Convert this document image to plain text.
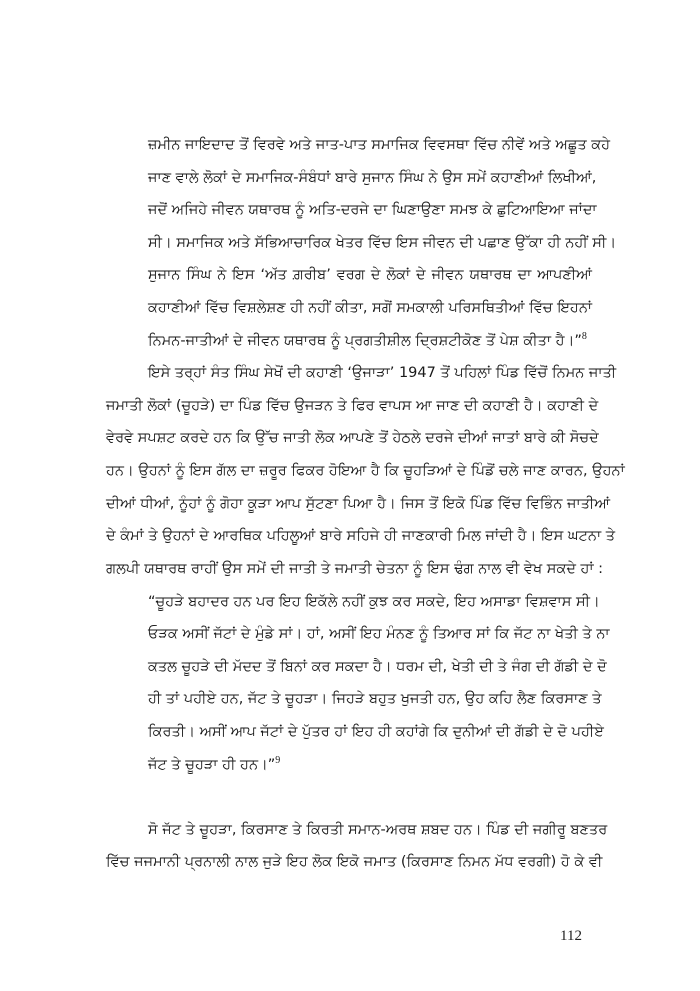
ਜ਼ਮੀਨ ਜਾਇਦਾਦ ਤੋਂ ਵਿਰਵੇ ਅਤੇ ਜਾਤ-ਪਾਤ ਸਮਾਜਿਕ ਵਿਵਸਥਾ ਵਿੱਚ ਨੀਵੇਂ ਅਤੇ ਅਛੂਤ ਕਹੇ
ਜਾਣ ਵਾਲੇ ਲੋਕਾਂ ਦੇ ਸਮਾਜਿਕ-ਸੰਬੰਧਾਂ ਬਾਰੇ ਸੁਜਾਨ ਸਿੰਘ ਨੇ ਉਸ ਸਮੇਂ ਕਹਾਣੀਆਂ ਲਿਖੀਆਂ,
ਜਦੋਂ ਅਜਿਹੇ ਜੀਵਨ ਯਥਾਰਥ ਨੂੰ ਅਤਿ-ਦਰਜੇ ਦਾ ਘਿਣਾਉਣਾ ਸਮਝ ਕੇ ਛੁਟਿਆਇਆ ਜਾਂਦਾ
ਸੀ। ਸਮਾਜਿਕ ਅਤੇ ਸੱਭਿਆਚਾਰਿਕ ਖੇਤਰ ਵਿੱਚ ਇਸ ਜੀਵਨ ਦੀ ਪਛਾਣ ਉੱਕਾ ਹੀ ਨਹੀਂ ਸੀ।
ਸੁਜਾਨ ਸਿੰਘ ਨੇ ਇਸ ‘ਅੱਤ ਗ਼ਰੀਬ’ ਵਰਗ ਦੇ ਲੋਕਾਂ ਦੇ ਜੀਵਨ ਯਥਾਰਥ ਦਾ ਆਪਣੀਆਂ
ਕਹਾਣੀਆਂ ਵਿੱਚ ਵਿਸ਼ਲੇਸ਼ਣ ਹੀ ਨਹੀਂ ਕੀਤਾ, ਸਗੋਂ ਸਮਕਾਲੀ ਪਰਿਸਥਿਤੀਆਂ ਵਿੱਚ ਇਹਨਾਂ
ਨਿਮਨ-ਜਾਤੀਆਂ ਦੇ ਜੀਵਨ ਯਥਾਰਥ ਨੂੰ ਪ੍ਰਗਤੀਸ਼ੀਲ ਦ੍ਰਿਸ਼ਟੀਕੋਣ ਤੋਂ ਪੇਸ਼ ਕੀਤਾ ਹੈ।”$^8$
ਇਸੇ ਤਰ੍ਹਾਂ ਸੰਤ ਸਿੰਘ ਸੇਖੋਂ ਦੀ ਕਹਾਣੀ ‘ਉਜਾੜਾ’ 1947 ਤੋਂ ਪਹਿਲਾਂ ਪਿੰਡ ਵਿੱਚੋਂ ਨਿਮਨ ਜਾਤੀ
ਜਮਾਤੀ ਲੋਕਾਂ (ਚੂਹੜੇ) ਦਾ ਪਿੰਡ ਵਿੱਚ ਉਜੜਨ ਤੇ ਫਿਰ ਵਾਪਸ ਆ ਜਾਣ ਦੀ ਕਹਾਣੀ ਹੈ। ਕਹਾਣੀ ਦੇ
ਵੇਰਵੇ ਸਪਸ਼ਟ ਕਰਦੇ ਹਨ ਕਿ ਉੱਚ ਜਾਤੀ ਲੋਕ ਆਪਣੇ ਤੋਂ ਹੇਠਲੇ ਦਰਜੇ ਦੀਆਂ ਜਾਤਾਂ ਬਾਰੇ ਕੀ ਸੋਚਦੇ
ਹਨ। ਉਹਨਾਂ ਨੂੰ ਇਸ ਗੱਲ ਦਾ ਜ਼ਰੂਰ ਫਿਕਰ ਹੋਇਆ ਹੈ ਕਿ ਚੂਹੜਿਆਂ ਦੇ ਪਿੰਡੋਂ ਚਲੇ ਜਾਣ ਕਾਰਨ, ਉਹਨਾਂ
ਦੀਆਂ ਧੀਆਂ, ਨੂੰਹਾਂ ਨੂੰ ਗੋਹਾ ਕੂੜਾ ਆਪ ਸੁੱਟਣਾ ਪਿਆ ਹੈ। ਜਿਸ ਤੋਂ ਇਕੋ ਪਿੰਡ ਵਿੱਚ ਵਿਭਿੰਨ ਜਾਤੀਆਂ
ਦੇ ਕੰਮਾਂ ਤੇ ਉਹਨਾਂ ਦੇ ਆਰਥਿਕ ਪਹਿਲੂਆਂ ਬਾਰੇ ਸਹਿਜੇ ਹੀ ਜਾਣਕਾਰੀ ਮਿਲ ਜਾਂਦੀ ਹੈ। ਇਸ ਘਟਨਾ ਤੇ
ਗਲਪੀ ਯਥਾਰਥ ਰਾਹੀਂ ਉਸ ਸਮੇਂ ਦੀ ਜਾਤੀ ਤੇ ਜਮਾਤੀ ਚੇਤਨਾ ਨੂੰ ਇਸ ਢੰਗ ਨਾਲ ਵੀ ਵੇਖ ਸਕਦੇ ਹਾਂ :
“ਚੂਹੜੇ ਬਹਾਦਰ ਹਨ ਪਰ ਇਹ ਇਕੱਲੇ ਨਹੀਂ ਕੁਝ ਕਰ ਸਕਦੇ, ਇਹ ਅਸਾਡਾ ਵਿਸ਼ਵਾਸ ਸੀ।
ਓੜਕ ਅਸੀਂ ਜੱਟਾਂ ਦੇ ਮੁੰਡੇ ਸਾਂ। ਹਾਂ, ਅਸੀਂ ਇਹ ਮੰਨਣ ਨੂੰ ਤਿਆਰ ਸਾਂ ਕਿ ਜੱਟ ਨਾ ਖੇਤੀ ਤੇ ਨਾ
ਕਤਲ ਚੂਹੜੇ ਦੀ ਮੱਦਦ ਤੋਂ ਬਿਨਾਂ ਕਰ ਸਕਦਾ ਹੈ। ਧਰਮ ਦੀ, ਖੇਤੀ ਦੀ ਤੇ ਜੰਗ ਦੀ ਗੱਡੀ ਦੇ ਦੋ
ਹੀ ਤਾਂ ਪਹੀਏ ਹਨ, ਜੱਟ ਤੇ ਚੂਹੜਾ। ਜਿਹੜੇ ਬਹੁਤ ਖੁਜਤੀ ਹਨ, ਉਹ ਕਹਿ ਲੈਣ ਕਿਰਸਾਣ ਤੇ
ਕਿਰਤੀ। ਅਸੀਂ ਆਪ ਜੱਟਾਂ ਦੇ ਪੁੱਤਰ ਹਾਂ ਇਹ ਹੀ ਕਹਾਂਗੇ ਕਿ ਦੁਨੀਆਂ ਦੀ ਗੱਡੀ ਦੇ ਦੋ ਪਹੀਏ
ਜੱਟ ਤੇ ਚੂਹੜਾ ਹੀ ਹਨ।”$^9$
ਸੋ ਜੱਟ ਤੇ ਚੂਹੜਾ, ਕਿਰਸਾਣ ਤੇ ਕਿਰਤੀ ਸਮਾਨ-ਅਰਥ ਸ਼ਬਦ ਹਨ। ਪਿੰਡ ਦੀ ਜਗੀਰੂ ਬਣਤਰ
ਵਿੱਚ ਜਜਮਾਨੀ ਪ੍ਰਨਾਲੀ ਨਾਲ ਜੁੜੇ ਇਹ ਲੋਕ ਇਕੋ ਜਮਾਤ (ਕਿਰਸਾਣ ਨਿਮਨ ਮੱਧ ਵਰਗੀ) ਹੋ ਕੇ ਵੀ
112
